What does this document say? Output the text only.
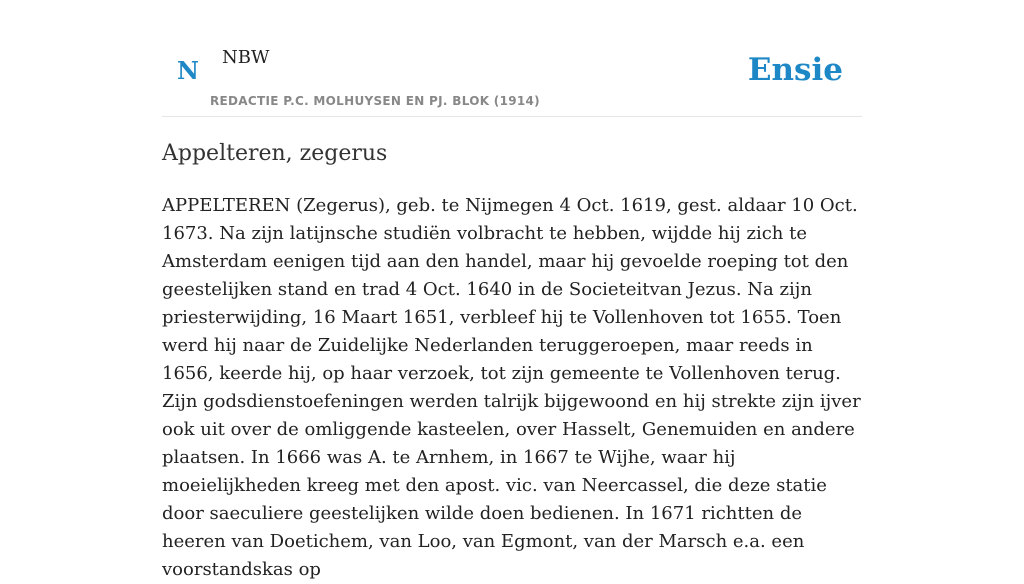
N NBW
REDACTIE P.C. MOLHUYSEN EN PJ. BLOK (1914)
Ensie
Appelteren, zegerus

APPELTEREN (Zegerus), geb. te Nijmegen 4 Oct. 1619, gest. aldaar 10 Oct. 1673. Na zijn latijnsche studiën volbracht te hebben, wijdde hij zich te Amsterdam eenigen tijd aan den handel, maar hij gevoelde roeping tot den geestelijken stand en trad 4 Oct. 1640 in de Societeitvan Jezus. Na zijn priesterwijding, 16 Maart 1651, verbleef hij te Vollenhoven tot 1655. Toen werd hij naar de Zuidelijke Nederlanden teruggeroepen, maar reeds in 1656, keerde hij, op haar verzoek, tot zijn gemeente te Vollenhoven terug. Zijn godsdienstoefeningen werden talrijk bijgewoond en hij strekte zijn ijver ook uit over de omliggende kasteelen, over Hasselt, Genemuiden en andere plaatsen. In 1666 was A. te Arnhem, in 1667 te Wijhe, waar hij moeielijkheden kreeg met den apost. vic. van Neercassel, die deze statie door saeculiere geestelijken wilde doen bedienen. In 1671 richtten de heeren van Doetichem, van Loo, van Egmont, van der Marsch e.a. een voorstandskas op
